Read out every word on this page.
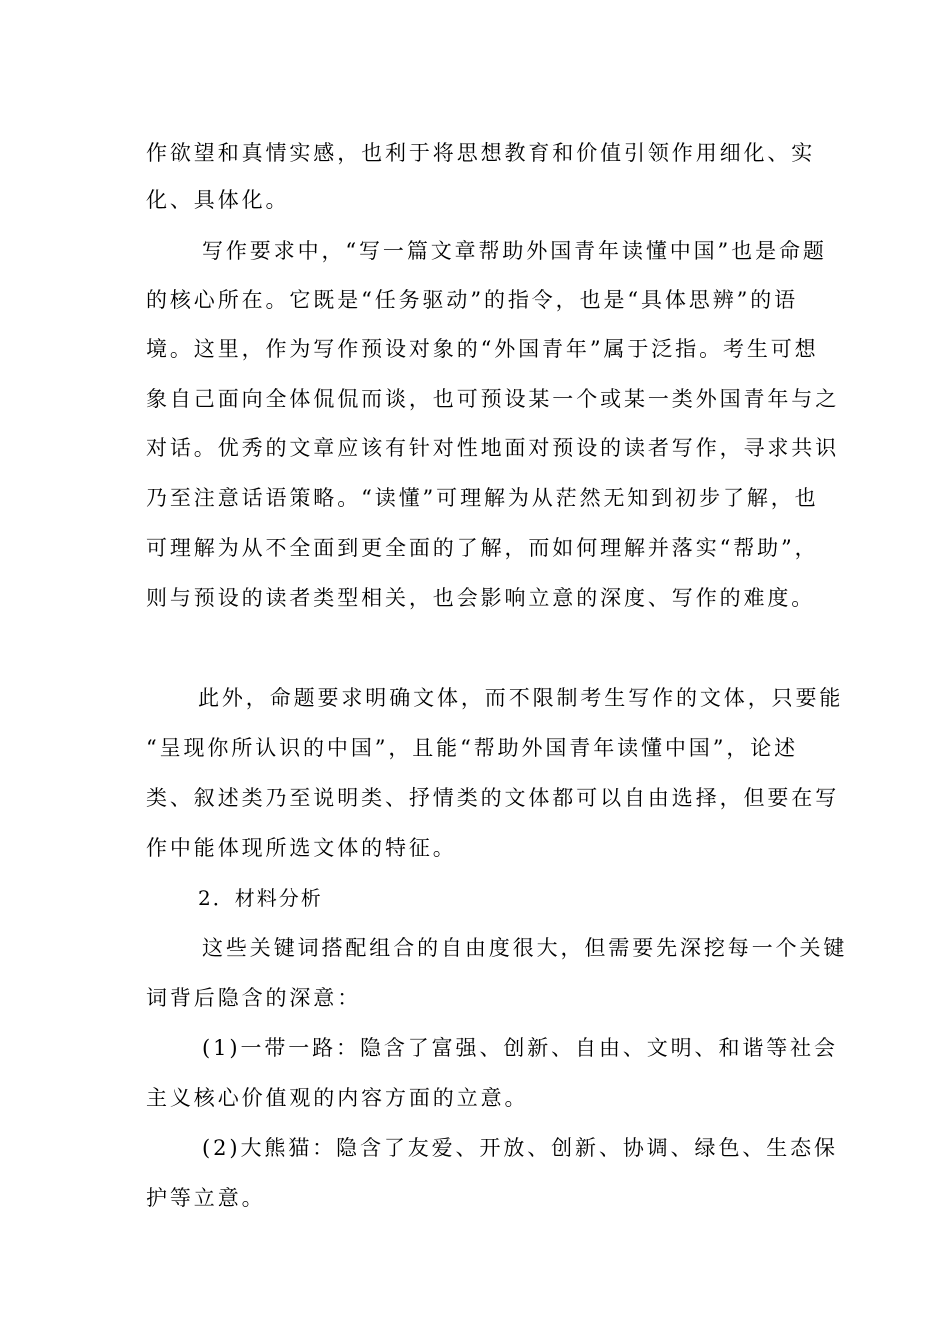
作欲望和真情实感，也利于将思想教育和价值引领作用细化、实
化、具体化。
写作要求中，“写一篇文章帮助外国青年读懂中国”也是命题
的核心所在。它既是“任务驱动”的指令，也是“具体思辨”的语
境。这里，作为写作预设对象的“外国青年”属于泛指。考生可想
象自己面向全体侃侃而谈，也可预设某一个或某一类外国青年与之
对话。优秀的文章应该有针对性地面对预设的读者写作，寻求共识
乃至注意话语策略。“读懂”可理解为从茫然无知到初步了解，也
可理解为从不全面到更全面的了解，而如何理解并落实“帮助”，
则与预设的读者类型相关，也会影响立意的深度、写作的难度。
此外，命题要求明确文体，而不限制考生写作的文体，只要能
“呈现你所认识的中国”，且能“帮助外国青年读懂中国”，论述
类、叙述类乃至说明类、抒情类的文体都可以自由选择，但要在写
作中能体现所选文体的特征。
2．材料分析
这些关键词搭配组合的自由度很大，但需要先深挖每一个关键
词背后隐含的深意：
(1)一带一路：隐含了富强、创新、自由、文明、和谐等社会
主义核心价值观的内容方面的立意。
(2)大熊猫：隐含了友爱、开放、创新、协调、绿色、生态保
护等立意。
